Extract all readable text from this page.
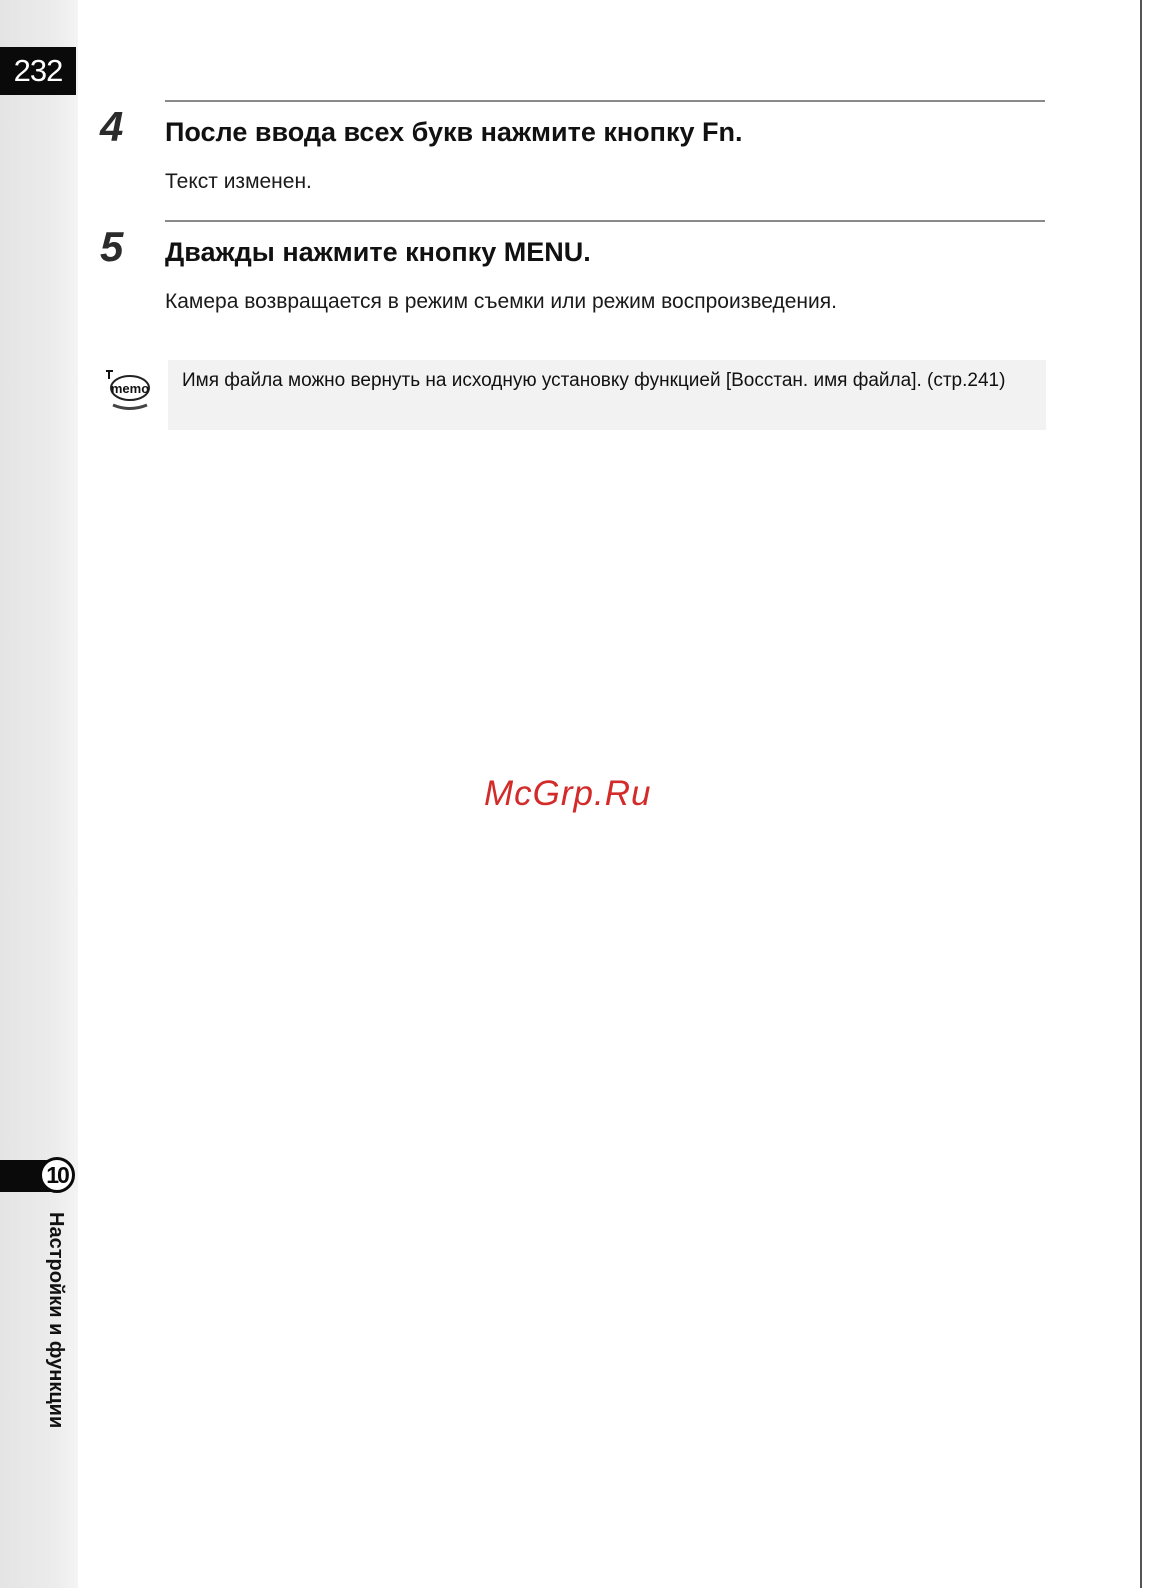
232
10
Настройки и функции
4 После ввода всех букв нажмите кнопку Fn.
Текст изменен.
5 Дважды нажмите кнопку MENU.
Камера возвращается в режим съемки или режим воспроизведения.
memo	Имя файла можно вернуть на исходную установку функцией [Восстан. имя файла]. (стр.241)
McGrp.Ru
